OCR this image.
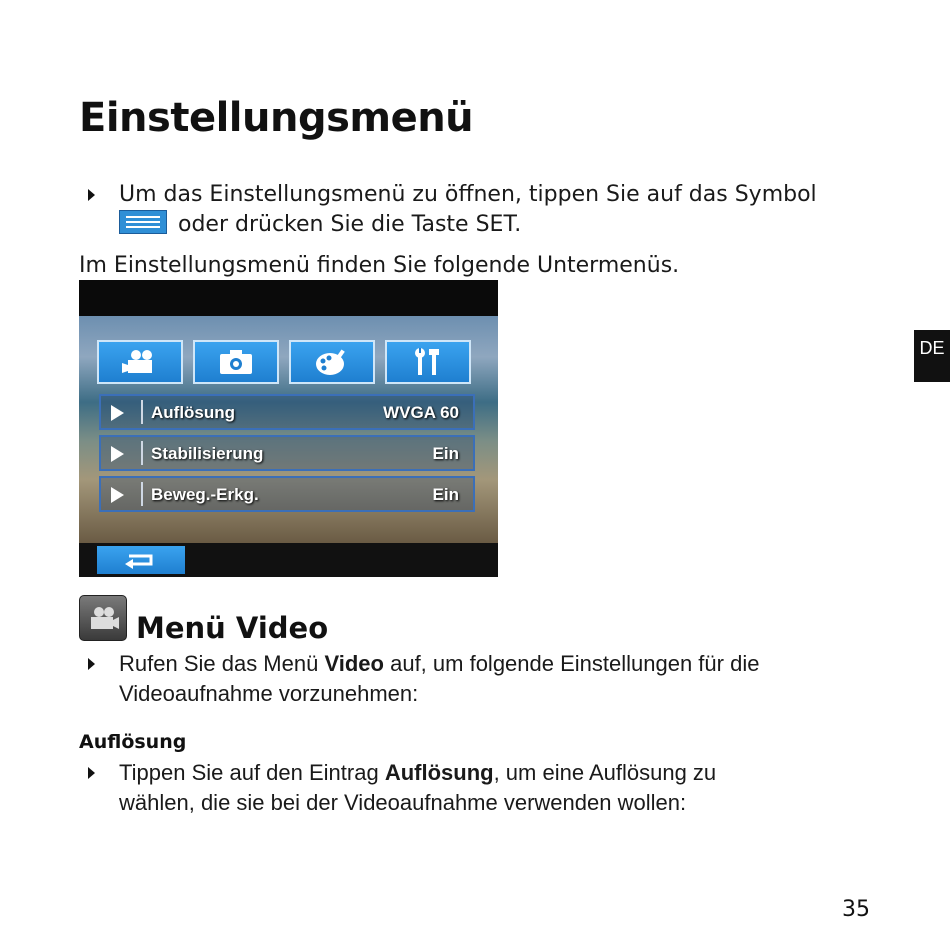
Einstellungsmenü
Um das Einstellungsmenü zu öffnen, tippen Sie auf das Symbol
oder drücken Sie die Taste SET.
Im Einstellungsmenü finden Sie folgende Untermenüs.
Auflösung	WVGA 60
Stabilisierung	Ein
Beweg.-Erkg.	Ein
DE
Menü Video
Rufen Sie das Menü Video auf, um folgende Einstellungen für die
Videoaufnahme vorzunehmen:
Auflösung
Tippen Sie auf den Eintrag Auflösung, um eine Auflösung zu
wählen, die sie bei der Videoaufnahme verwenden wollen:
35
